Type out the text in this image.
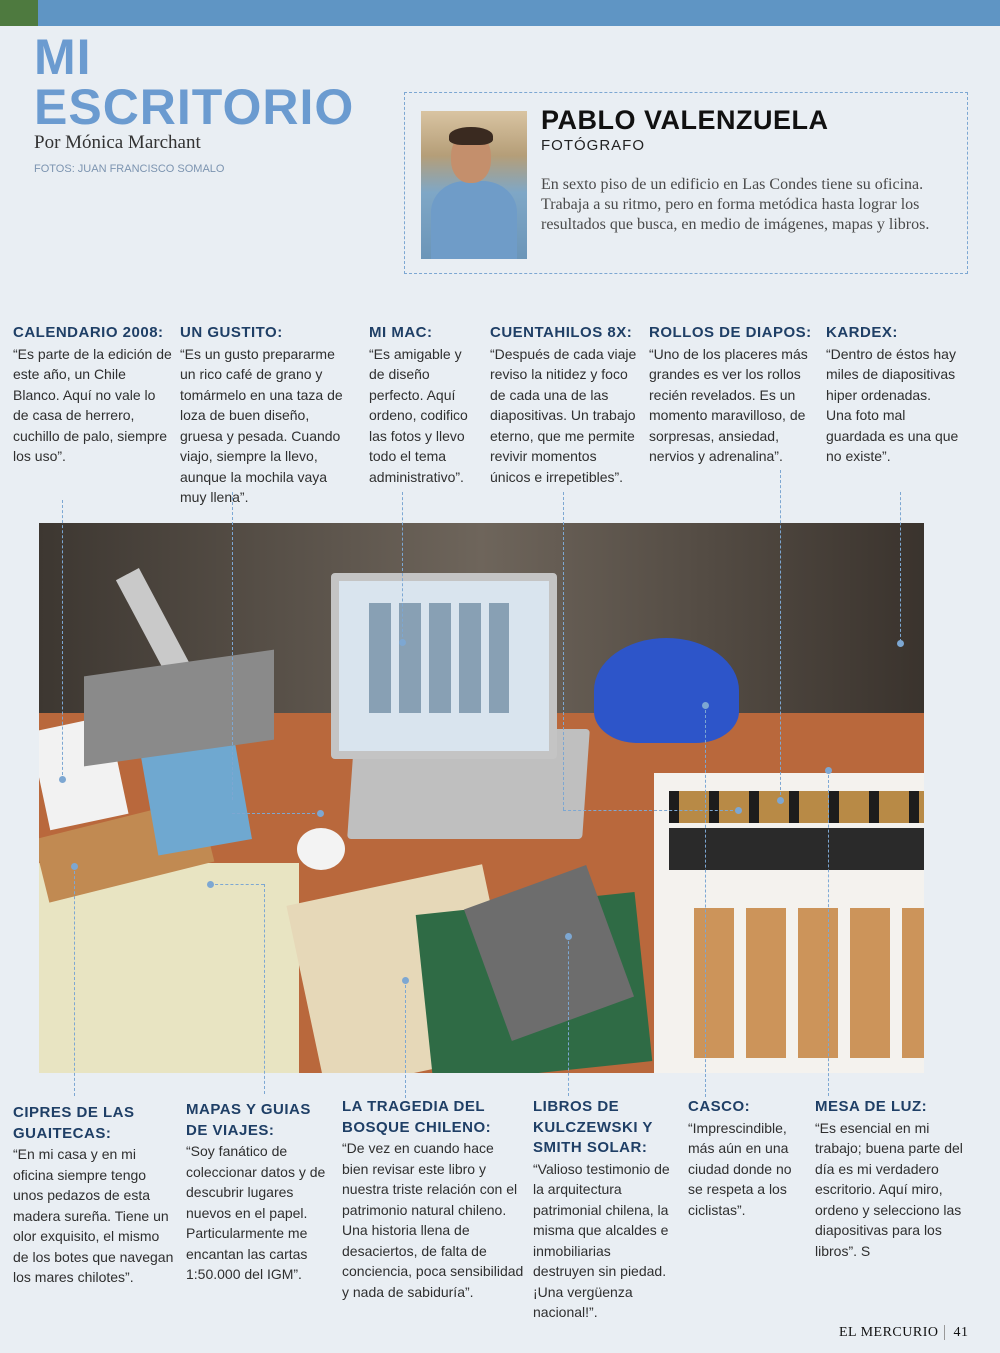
MI
ESCRITORIO
Por Mónica Marchant
FOTOS: JUAN FRANCISCO SOMALO
PABLO VALENZUELA
FOTÓGRAFO
En sexto piso de un edificio en Las Condes tiene su oficina. Trabaja a su ritmo, pero en forma metódica hasta lograr los resultados que busca, en medio de imágenes, mapas y libros.
CALENDARIO 2008:
“Es parte de la edición de este año, un Chile Blanco. Aquí no vale lo de casa de herrero, cuchillo de palo, siempre los uso”.
UN GUSTITO:
“Es un gusto prepararme un rico café de grano y tomármelo en una taza de loza de buen diseño, gruesa y pesada. Cuando viajo, siempre la llevo, aunque la mochila vaya muy llena”.
MI MAC:
“Es amigable y de diseño perfecto. Aquí ordeno, codifico las fotos y llevo todo el tema administrativo”.
CUENTAHILOS 8X:
“Después de cada viaje reviso la nitidez y foco de cada una de las diapositivas. Un trabajo eterno, que me permite revivir momentos únicos e irrepetibles”.
ROLLOS DE DIAPOS:
“Uno de los placeres más grandes es ver los rollos recién revelados. Es un momento maravilloso, de sorpresas, ansiedad, nervios y adrenalina”.
KARDEX:
“Dentro de éstos hay miles de diapositivas hiper ordenadas. Una foto mal guardada es una que no existe”.
CIPRES DE LAS GUAITECAS:
“En mi casa y en mi oficina siempre tengo unos pedazos de esta madera sureña. Tiene un olor exquisito, el mismo de los botes que navegan los mares chilotes”.
MAPAS Y GUIAS DE VIAJES:
“Soy fanático de coleccionar datos y de descubrir lugares nuevos en el papel. Particularmente me encantan las cartas 1:50.000 del IGM”.
LA TRAGEDIA DEL BOSQUE CHILENO:
“De vez en cuando hace bien revisar este libro y nuestra triste relación con el patrimonio natural chileno. Una historia llena de desaciertos, de falta de conciencia, poca sensibilidad y nada de sabiduría”.
LIBROS DE KULCZEWSKI Y SMITH SOLAR:
“Valioso testimonio de la arquitectura patrimonial chilena, la misma que alcaldes e inmobiliarias destruyen sin piedad. ¡Una vergüenza nacional!”.
CASCO:
“Imprescindible, más aún en una ciudad donde no se respeta a los ciclistas”.
MESA DE LUZ:
“Es esencial en mi trabajo; buena parte del día es mi verdadero escritorio. Aquí miro, ordeno y selecciono las diapositivas para los libros”. S
EL MERCURIO 41
